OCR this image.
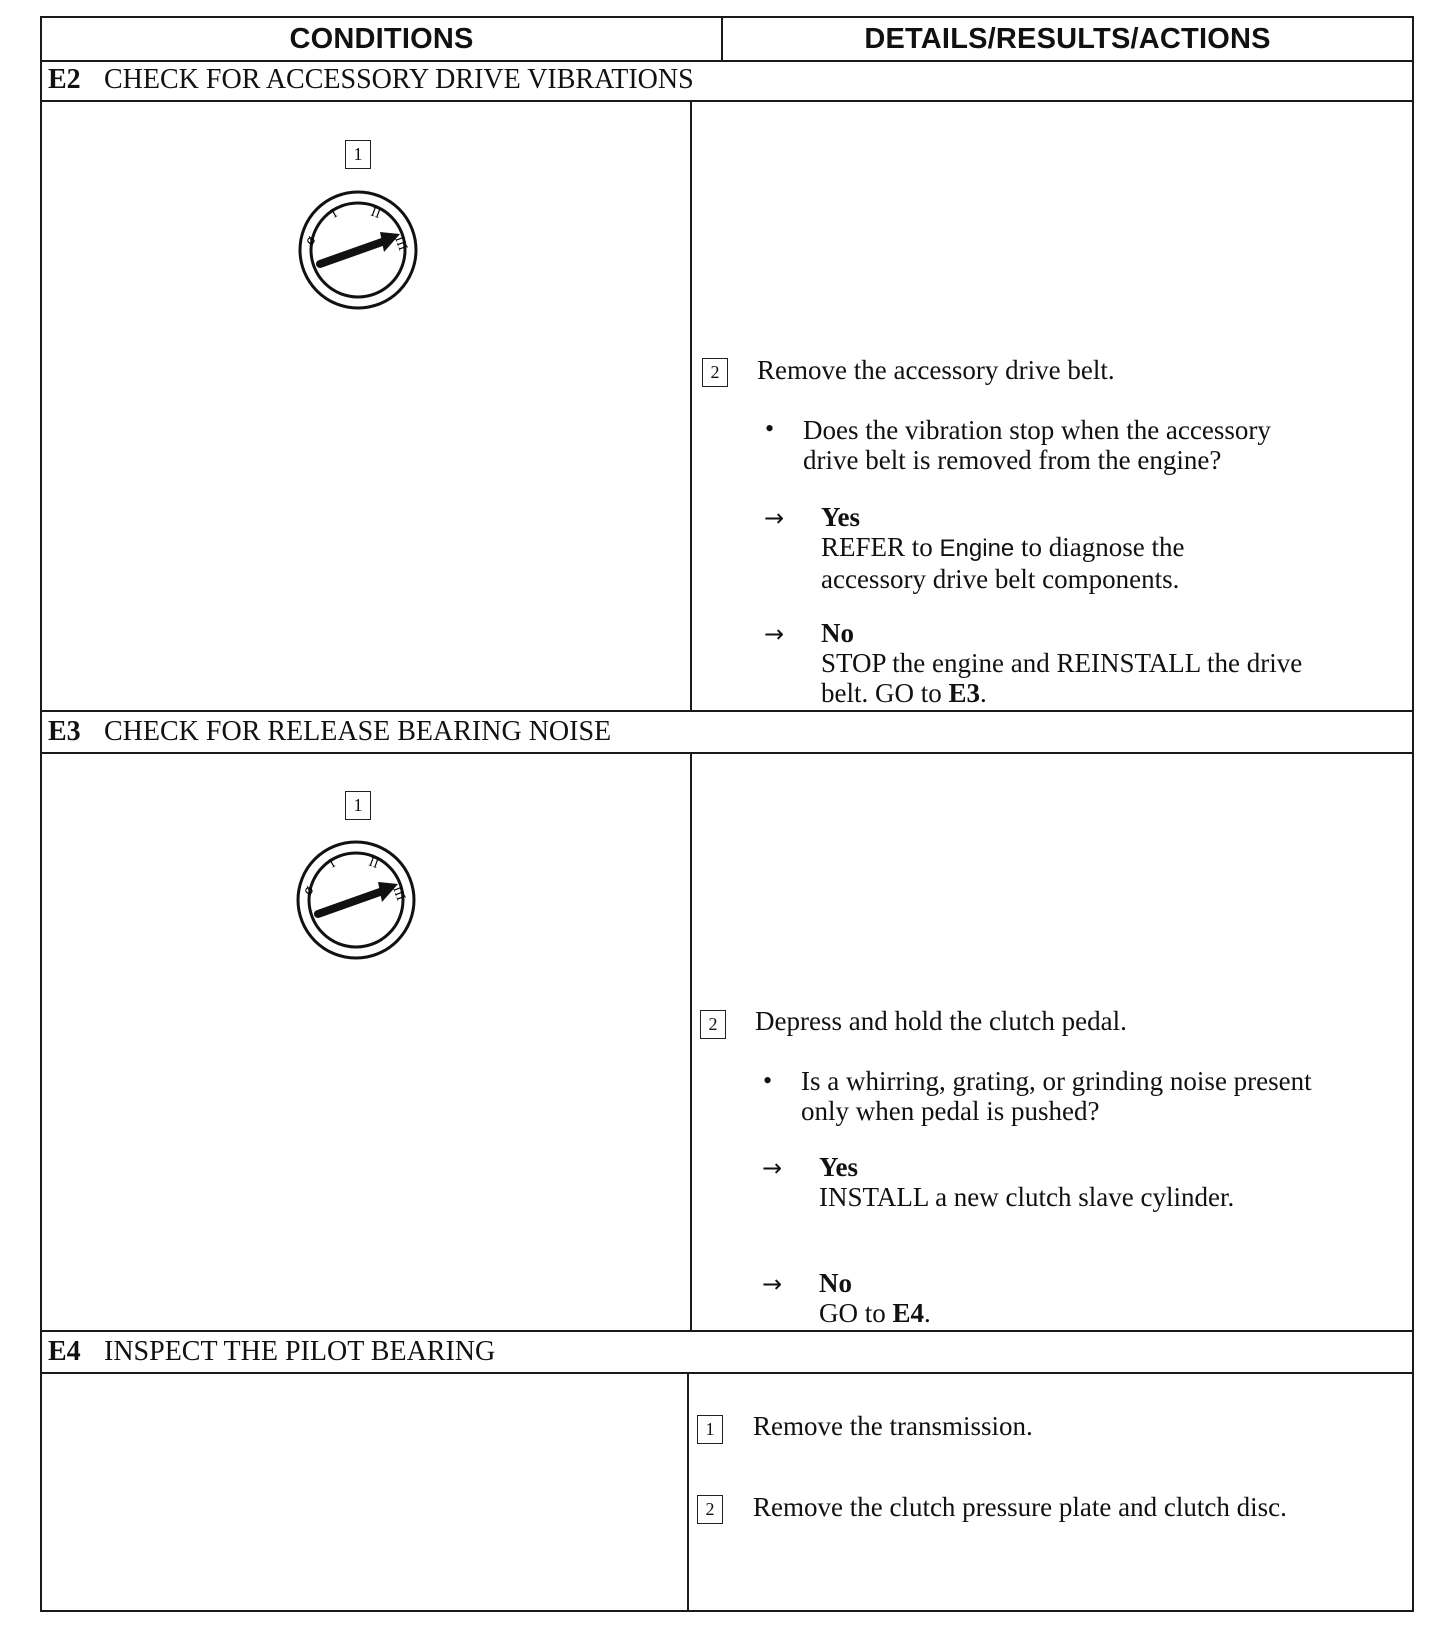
CONDITIONS	DETAILS/RESULTS/ACTIONS
E2 CHECK FOR ACCESSORY DRIVE VIBRATIONS
1
ø
I II
III
2	Remove the accessory drive belt.
• Does the vibration stop when the accessory
drive belt is removed from the engine?
→ Yes
REFER to Engine to diagnose the
accessory drive belt components.
→ No
STOP the engine and REINSTALL the drive
belt. GO to E3.
E3 CHECK FOR RELEASE BEARING NOISE
1
ø
I II
III
2	Depress and hold the clutch pedal.
• Is a whirring, grating, or grinding noise present
only when pedal is pushed?
→ Yes
INSTALL a new clutch slave cylinder.
→ No
GO to E4.
E4 INSPECT THE PILOT BEARING
1	Remove the transmission.
2	Remove the clutch pressure plate and clutch disc.
